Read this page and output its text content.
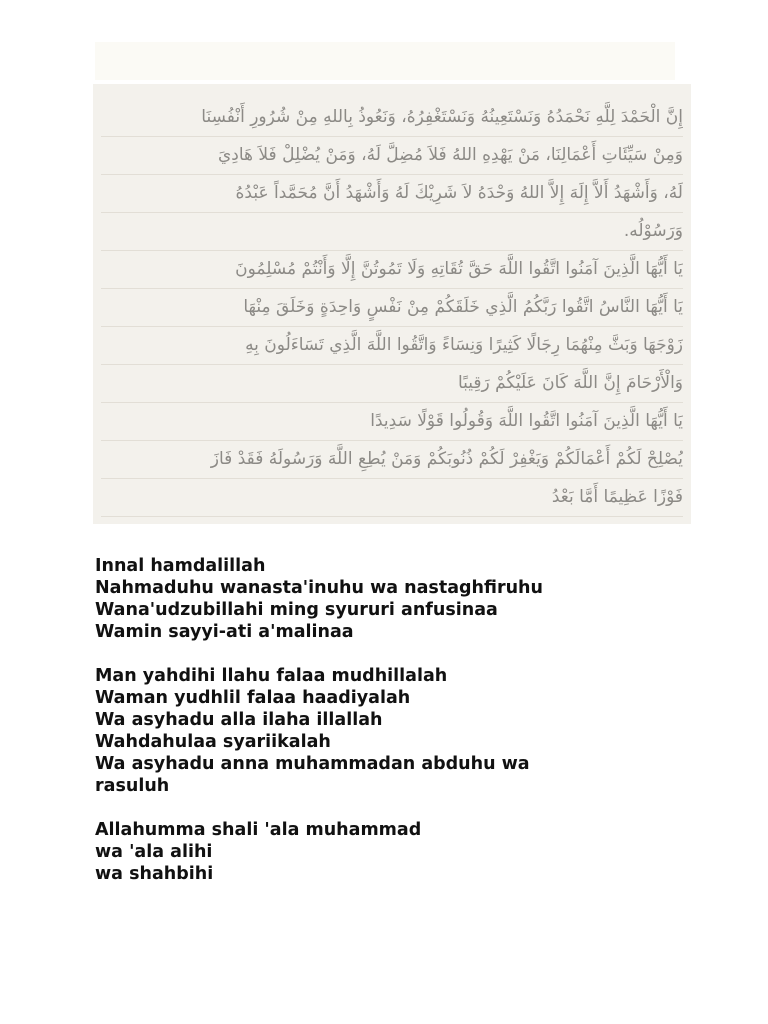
إِنَّ الْحَمْدَ لِلَّهِ نَحْمَدُهُ وَنَسْتَعِينُهُ وَنَسْتَغْفِرُهُ، وَنَعُوذُ بِاللهِ مِنْ شُرُورِ أَنْفُسِنَا
وَمِنْ سَيِّئَاتِ أَعْمَالِنَا، مَنْ يَهْدِهِ اللهُ فَلاَ مُضِلَّ لَهُ، وَمَنْ يُضْلِلْ فَلاَ هَادِيَ
لَهُ، وَأَشْهَدُ أَلاَّ إِلَهَ إِلاَّ اللهُ وَحْدَهُ لاَ شَرِيْكَ لَهُ وَأَشْهَدُ أَنَّ مُحَمَّداً عَبْدُهُ
وَرَسُوْلُه.
يَا أَيُّهَا الَّذِينَ آمَنُوا اتَّقُوا اللَّهَ حَقَّ تُقَاتِهِ وَلَا تَمُوتُنَّ إِلَّا وَأَنْتُمْ مُسْلِمُونَ
يَا أَيُّهَا النَّاسُ اتَّقُوا رَبَّكُمُ الَّذِي خَلَقَكُمْ مِنْ نَفْسٍ وَاحِدَةٍ وَخَلَقَ مِنْهَا
زَوْجَهَا وَبَثَّ مِنْهُمَا رِجَالًا كَثِيرًا وَنِسَاءً وَاتَّقُوا اللَّهَ الَّذِي تَسَاءَلُونَ بِهِ
وَالْأَرْحَامَ إِنَّ اللَّهَ كَانَ عَلَيْكُمْ رَقِيبًا
يَا أَيُّهَا الَّذِينَ آمَنُوا اتَّقُوا اللَّهَ وَقُولُوا قَوْلًا سَدِيدًا
يُصْلِحْ لَكُمْ أَعْمَالَكُمْ وَيَغْفِرْ لَكُمْ ذُنُوبَكُمْ وَمَنْ يُطِعِ اللَّهَ وَرَسُولَهُ فَقَدْ فَازَ
فَوْزًا عَظِيمًا أَمَّا بَعْدُ
Innal hamdalillah
Nahmaduhu wanasta'inuhu wa nastaghfiruhu
Wana'udzubillahi ming syururi anfusinaa
Wamin sayyi-ati a'malinaa
Man yahdihi llahu falaa mudhillalah
Waman yudhlil falaa haadiyalah
Wa asyhadu alla ilaha illallah
Wahdahulaa syariikalah
Wa asyhadu anna muhammadan abduhu wa
rasuluh
Allahumma shali 'ala muhammad
wa 'ala alihi
wa shahbihi
